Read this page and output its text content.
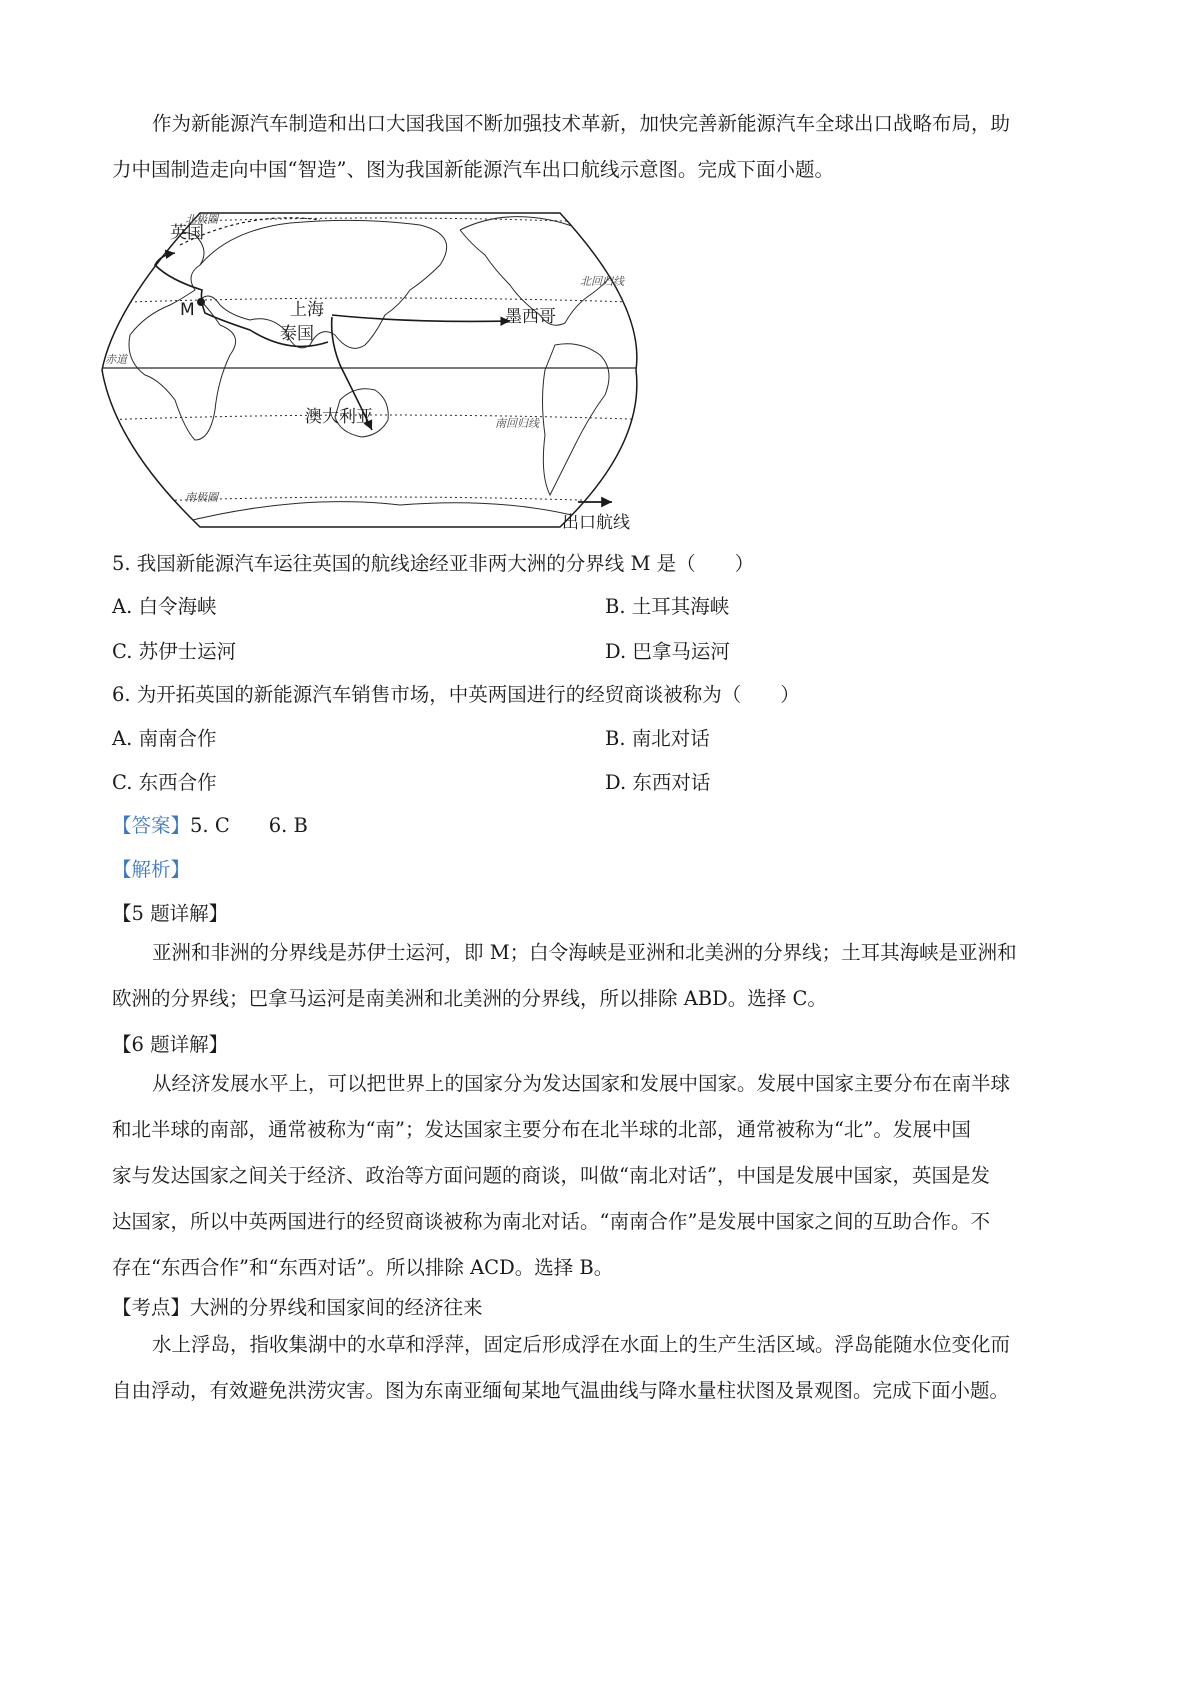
作为新能源汽车制造和出口大国我国不断加强技术革新，加快完善新能源汽车全球出口战略布局，助
力中国制造走向中国“智造”、图为我国新能源汽车出口航线示意图。完成下面小题。
北极圈
赤道
北回归线
南回归线
南极圈
英国
M	上海
泰国
墨西哥
澳大利亚
出口航线

5. 我国新能源汽车运往英国的航线途经亚非两大洲的分界线 M 是（　　）

A. 白令海峡	B. 土耳其海峡
C. 苏伊士运河	D. 巴拿马运河

6. 为开拓英国的新能源汽车销售市场，中英两国进行的经贸商谈被称为（　　）

A. 南南合作	B. 南北对话
C. 东西合作	D. 东西对话
【答案】5. C　　6. B
【解析】
【5 题详解】
亚洲和非洲的分界线是苏伊士运河，即 M；白令海峡是亚洲和北美洲的分界线；土耳其海峡是亚洲和
欧洲的分界线；巴拿马运河是南美洲和北美洲的分界线，所以排除 ABD。选择 C。
【6 题详解】
从经济发展水平上，可以把世界上的国家分为发达国家和发展中国家。发展中国家主要分布在南半球
和北半球的南部，通常被称为“南”；发达国家主要分布在北半球的北部，通常被称为“北”。发展中国
家与发达国家之间关于经济、政治等方面问题的商谈，叫做“南北对话”，中国是发展中国家，英国是发
达国家，所以中英两国进行的经贸商谈被称为南北对话。“南南合作”是发展中国家之间的互助合作。不
存在“东西合作”和“东西对话”。所以排除 ACD。选择 B。
【考点】大洲的分界线和国家间的经济往来
水上浮岛，指收集湖中的水草和浮萍，固定后形成浮在水面上的生产生活区域。浮岛能随水位变化而
自由浮动，有效避免洪涝灾害。图为东南亚缅甸某地气温曲线与降水量柱状图及景观图。完成下面小题。
